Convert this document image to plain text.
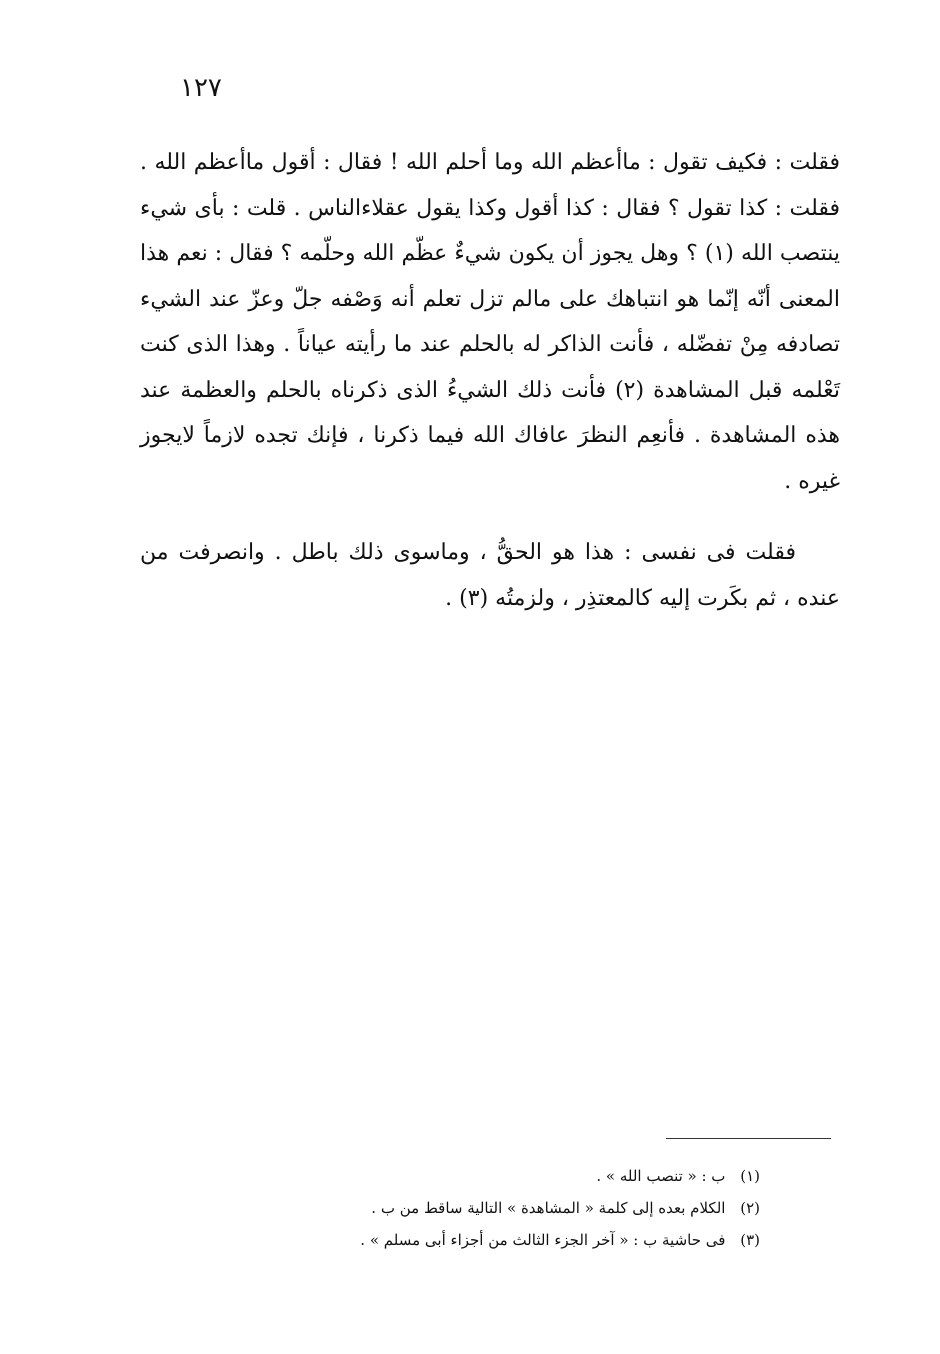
١٢٧

فقلت : فكيف تقول : ماأعظم الله وما أحلم الله ! فقال : أقول ماأعظم الله . فقلت : كذا تقول ؟ فقال : كذا أقول وكذا يقول عقلاءالناس . قلت : بأى شيء ينتصب الله (١) ؟ وهل يجوز أن يكون شيءٌ عظّم الله وحلّمه ؟ فقال : نعم هذا المعنى أنّه إنّما هو انتباهك على مالم تزل تعلم أنه وَصْفه جلّ وعزّ عند الشيء تصادفه مِنْ تفضّله ، فأنت الذاكر له بالحلم عند ما رأيته عياناً . وهذا الذى كنت تَعْلمه قبل المشاهدة (٢) فأنت ذلك الشيءُ الذى ذكرناه بالحلم والعظمة عند هذه المشاهدة . فأنعِم النظرَ عافاك الله فيما ذكرنا ، فإنك تجده لازماً لايجوز غيره .

فقلت فى نفسى : هذا هو الحقُّ ، وماسوى ذلك باطل . وانصرفت من عنده ، ثم بكَرت إليه كالمعتذِر ، ولزمتُه (٣) .

(١) ب : « تنصب الله » .

(٢) الكلام بعده إلى كلمة « المشاهدة » التالية ساقط من ب .

(٣) فى حاشية ب : « آخر الجزء الثالث من أجزاء أبى مسلم » .
